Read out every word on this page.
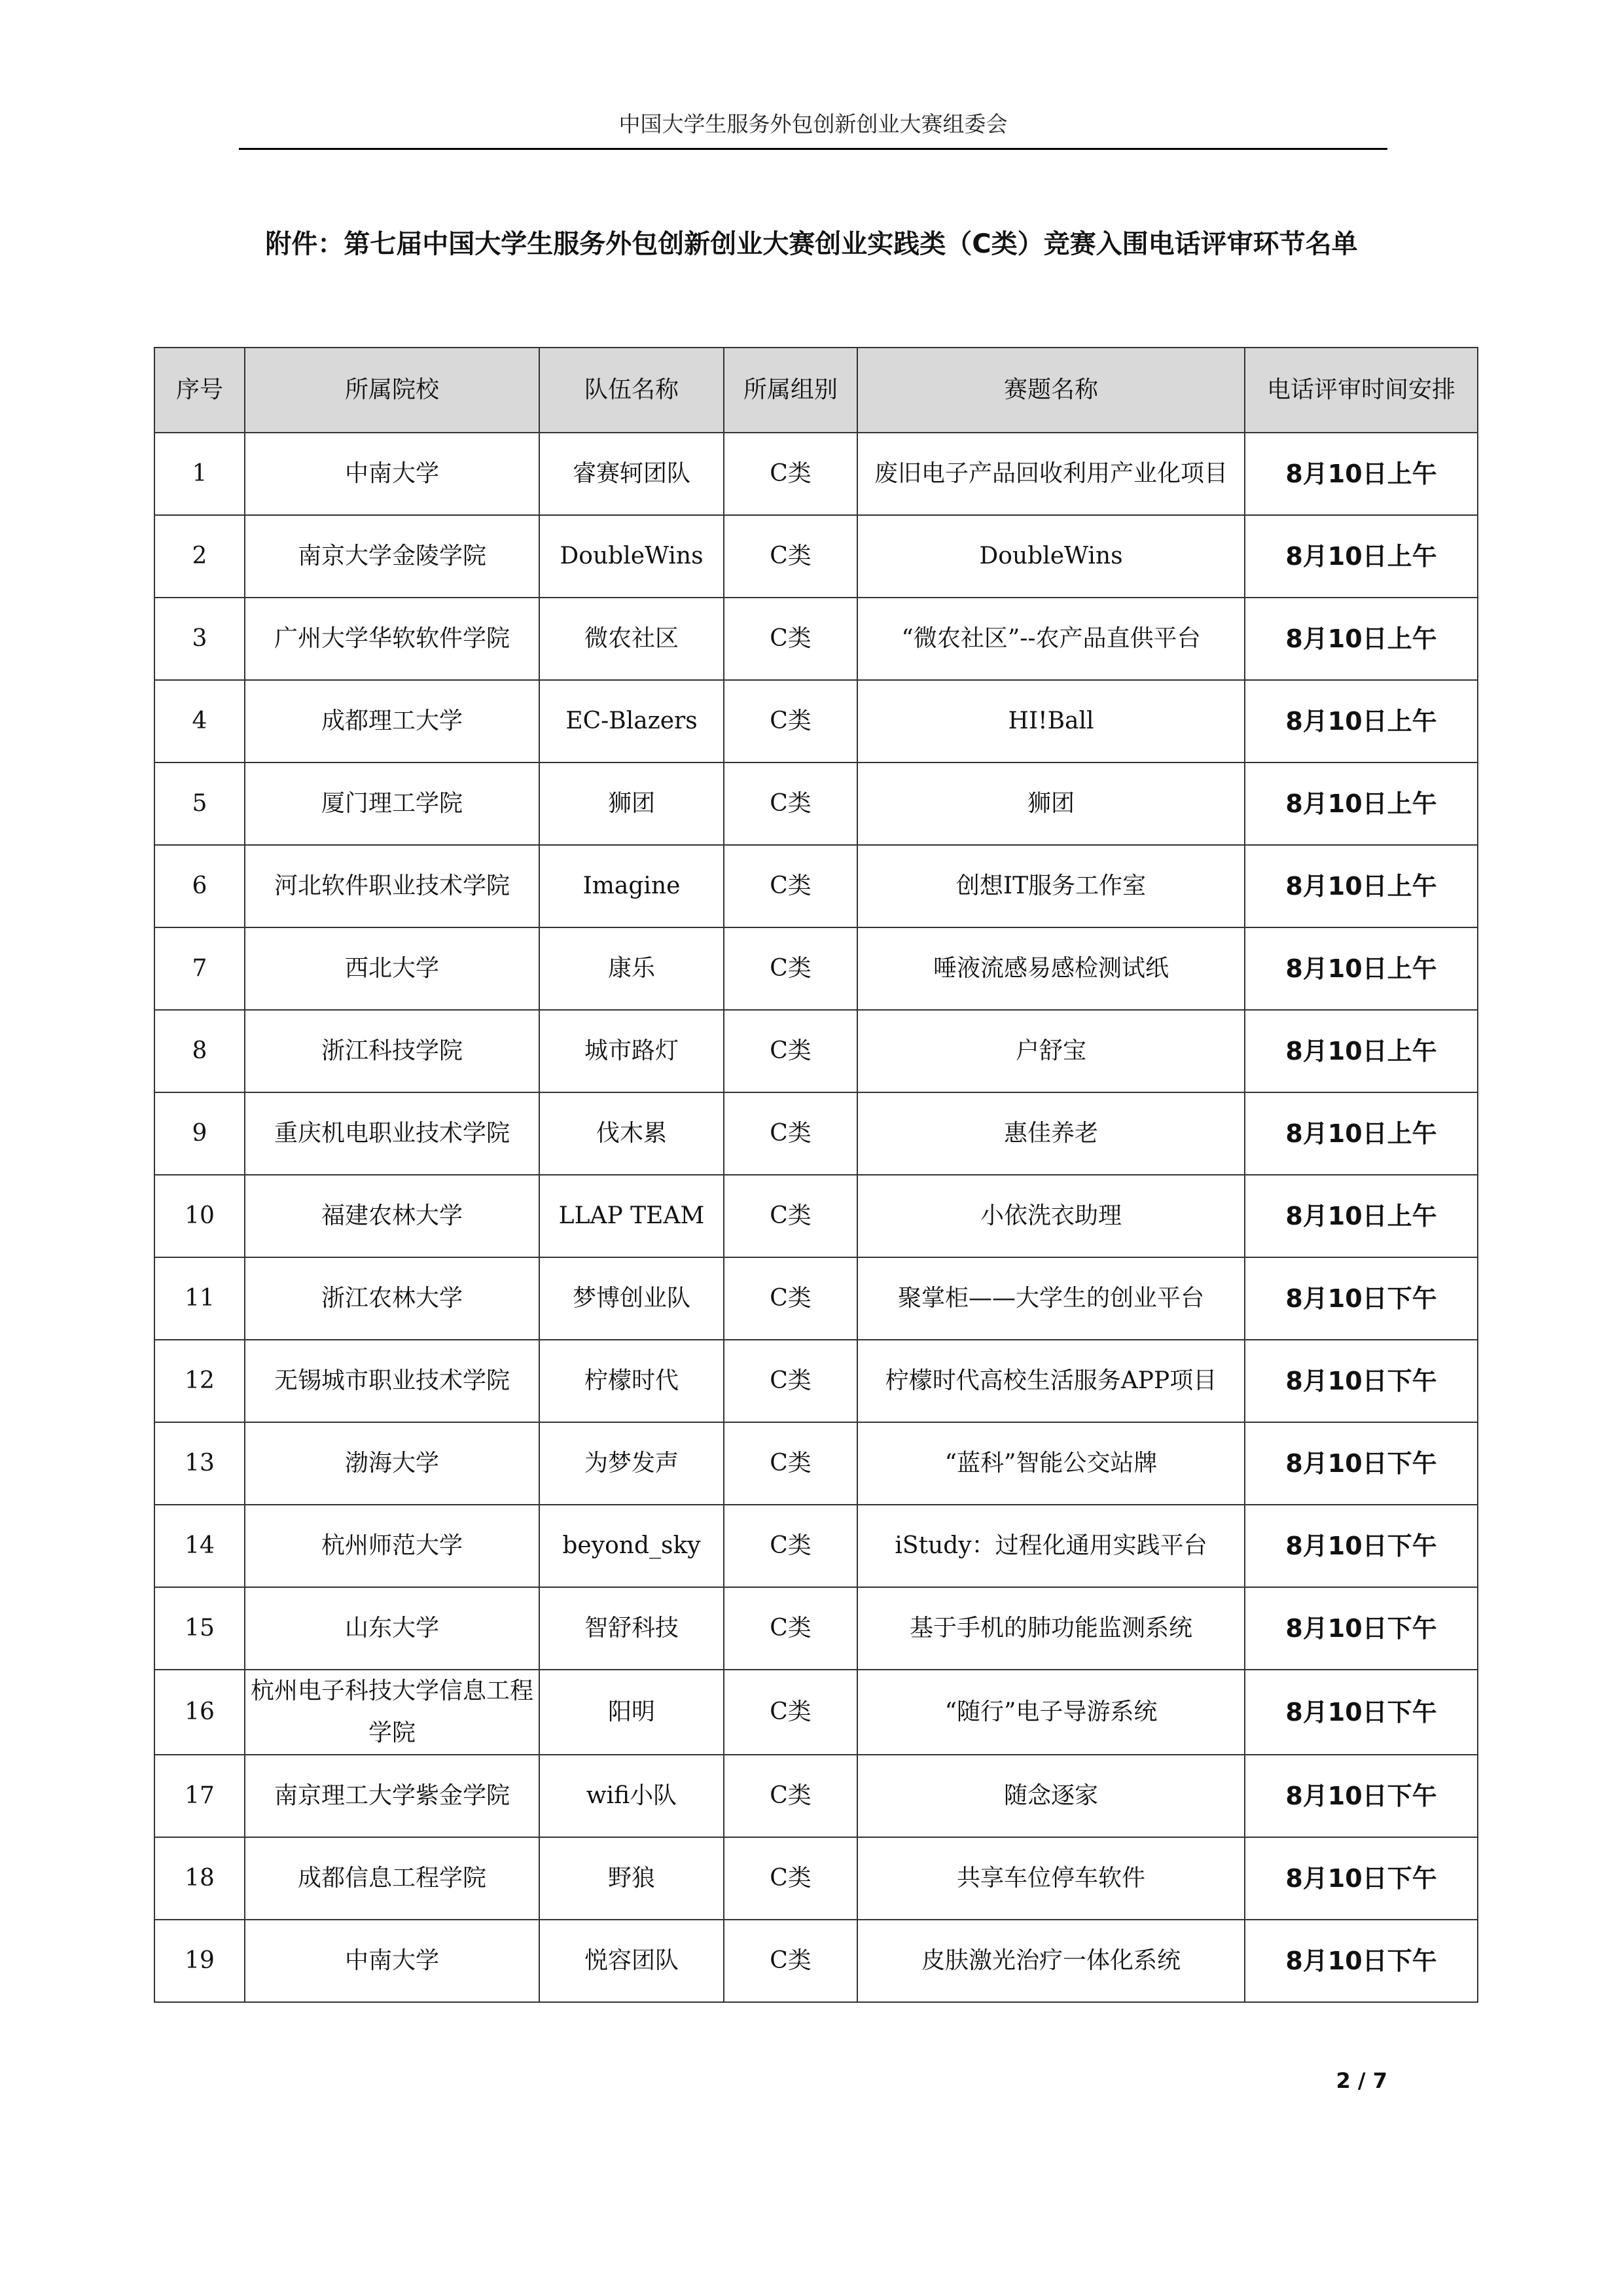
中国大学生服务外包创新创业大赛组委会
附件：第七届中国大学生服务外包创新创业大赛创业实践类（C类）竞赛入围电话评审环节名单
序号	所属院校	队伍名称	所属组别	赛题名称	电话评审时间安排
1	中南大学	睿赛轲团队	C类	废旧电子产品回收利用产业化项目	8月10日上午
2	南京大学金陵学院	DoubleWins	C类	DoubleWins	8月10日上午
3	广州大学华软软件学院	微农社区	C类	“微农社区”--农产品直供平台	8月10日上午
4	成都理工大学	EC-Blazers	C类	HI!Ball	8月10日上午
5	厦门理工学院	狮团	C类	狮团	8月10日上午
6	河北软件职业技术学院	Imagine	C类	创想IT服务工作室	8月10日上午
7	西北大学	康乐	C类	唾液流感易感检测试纸	8月10日上午
8	浙江科技学院	城市路灯	C类	户舒宝	8月10日上午
9	重庆机电职业技术学院	伐木累	C类	惠佳养老	8月10日上午
10	福建农林大学	LLAP TEAM	C类	小依洗衣助理	8月10日上午
11	浙江农林大学	梦博创业队	C类	聚掌柜——大学生的创业平台	8月10日下午
12	无锡城市职业技术学院	柠檬时代	C类	柠檬时代高校生活服务APP项目	8月10日下午
13	渤海大学	为梦发声	C类	“蓝科”智能公交站牌	8月10日下午
14	杭州师范大学	beyond_sky	C类	iStudy：过程化通用实践平台	8月10日下午
15	山东大学	智舒科技	C类	基于手机的肺功能监测系统	8月10日下午
16	杭州电子科技大学信息工程学院	阳明	C类	“随行”电子导游系统	8月10日下午
17	南京理工大学紫金学院	wifi小队	C类	随念逐家	8月10日下午
18	成都信息工程学院	野狼	C类	共享车位停车软件	8月10日下午
19	中南大学	悦容团队	C类	皮肤激光治疗一体化系统	8月10日下午
2 / 7
